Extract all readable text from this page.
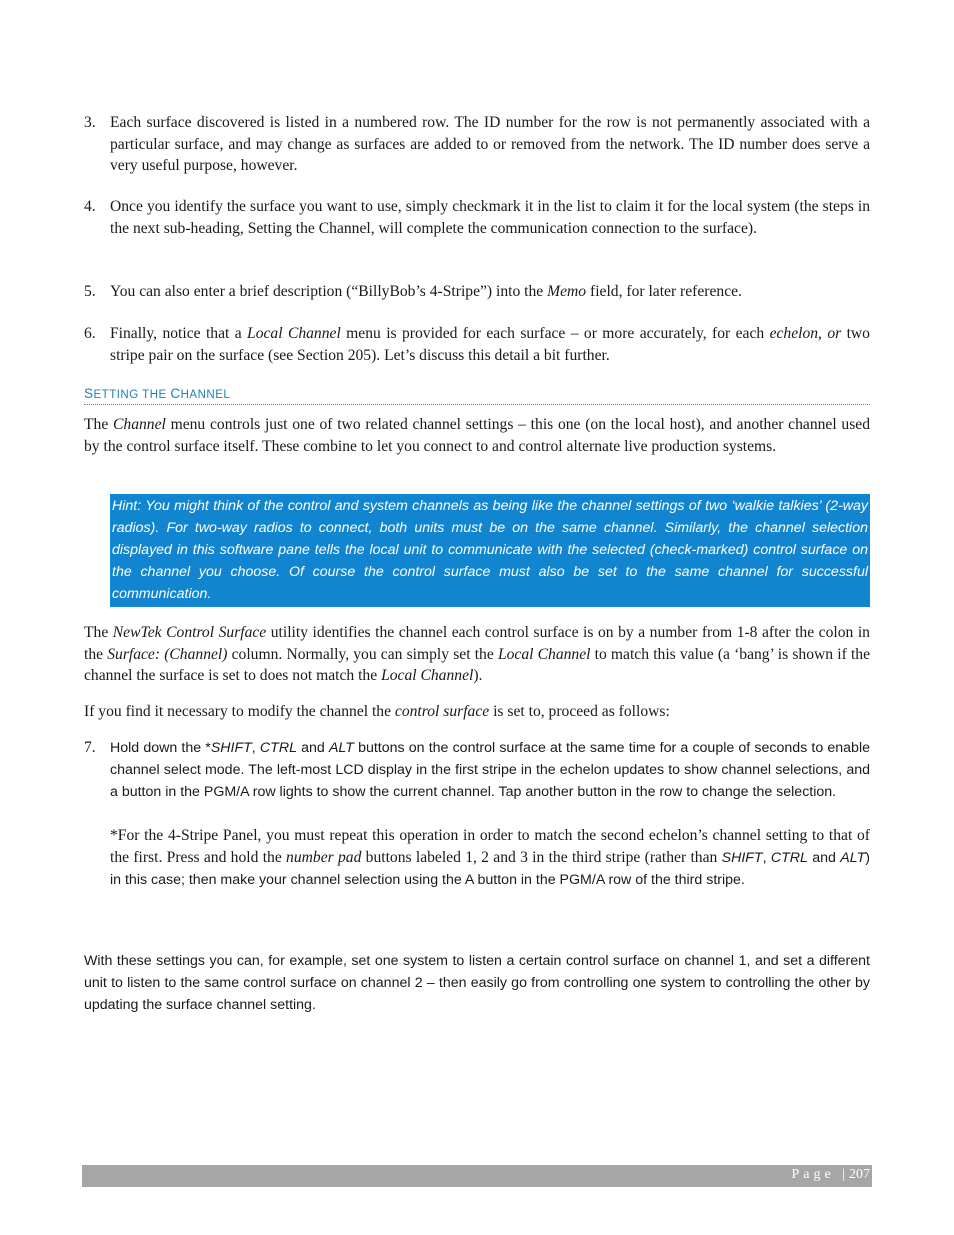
3. Each surface discovered is listed in a numbered row. The ID number for the row is not permanently associated with a particular surface, and may change as surfaces are added to or removed from the network. The ID number does serve a very useful purpose, however.
4. Once you identify the surface you want to use, simply checkmark it in the list to claim it for the local system (the steps in the next sub-heading, Setting the Channel, will complete the communication connection to the surface).
5. You can also enter a brief description (“BillyBob’s 4-Stripe”) into the Memo field, for later reference.
6. Finally, notice that a Local Channel menu is provided for each surface – or more accurately, for each echelon, or two stripe pair on the surface (see Section 205). Let’s discuss this detail a bit further.
SETTING THE CHANNEL
The Channel menu controls just one of two related channel settings – this one (on the local host), and another channel used by the control surface itself. These combine to let you connect to and control alternate live production systems.
Hint: You might think of the control and system channels as being like the channel settings of two ‘walkie talkies’ (2-way radios). For two-way radios to connect, both units must be on the same channel. Similarly, the channel selection displayed in this software pane tells the local unit to communicate with the selected (check-marked) control surface on the channel you choose. Of course the control surface must also be set to the same channel for successful communication.
The NewTek Control Surface utility identifies the channel each control surface is on by a number from 1-8 after the colon in the Surface: (Channel) column. Normally, you can simply set the Local Channel to match this value (a ‘bang’ is shown if the channel the surface is set to does not match the Local Channel).
If you find it necessary to modify the channel the control surface is set to, proceed as follows:
7. Hold down the *SHIFT, CTRL and ALT buttons on the control surface at the same time for a couple of seconds to enable channel select mode. The left-most LCD display in the first stripe in the echelon updates to show channel selections, and a button in the PGM/A row lights to show the current channel. Tap another button in the row to change the selection.
*For the 4-Stripe Panel, you must repeat this operation in order to match the second echelon’s channel setting to that of the first. Press and hold the number pad buttons labeled 1, 2 and 3 in the third stripe (rather than SHIFT, CTRL and ALT) in this case; then make your channel selection using the A button in the PGM/A row of the third stripe.
With these settings you can, for example, set one system to listen a certain control surface on channel 1, and set a different unit to listen to the same control surface on channel 2 – then easily go from controlling one system to controlling the other by updating the surface channel setting.
Page |207
